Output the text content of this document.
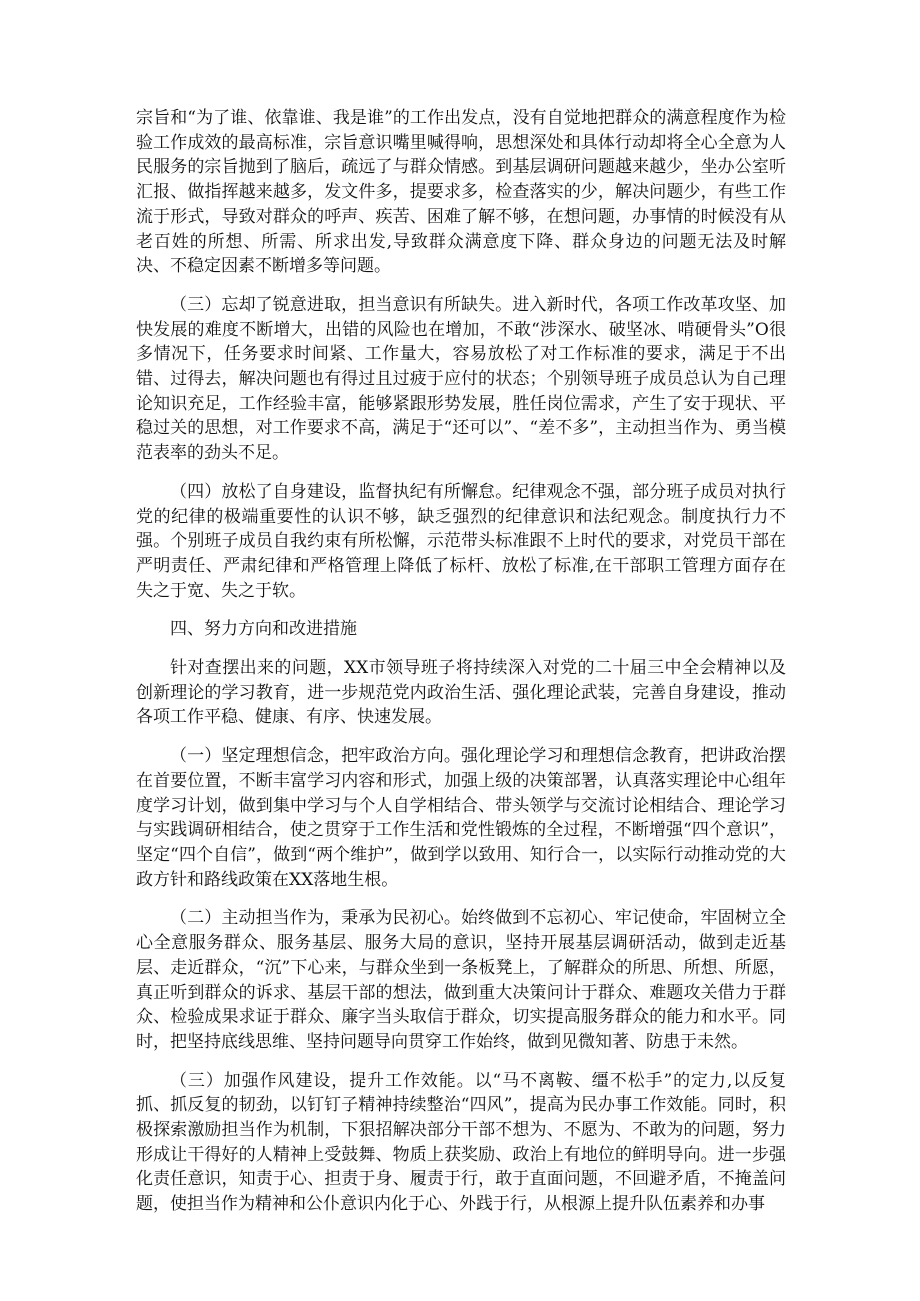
宗旨和“为了谁、依靠谁、我是谁”的工作出发点，没有自觉地把群众的满意程度作为检验工作成效的最高标准，宗旨意识嘴里喊得响，思想深处和具体行动却将全心全意为人民服务的宗旨抛到了脑后，疏远了与群众情感。到基层调研问题越来越少，坐办公室听汇报、做指挥越来越多，发文件多，提要求多，检查落实的少，解决问题少，有些工作流于形式，导致对群众的呼声、疾苦、困难了解不够，在想问题，办事情的时候没有从老百姓的所想、所需、所求出发,导致群众满意度下降、群众身边的问题无法及时解决、不稳定因素不断增多等问题。

（三）忘却了锐意进取，担当意识有所缺失。进入新时代，各项工作改革攻坚、加快发展的难度不断增大，出错的风险也在增加，不敢“涉深水、破坚冰、啃硬骨头”O很多情况下，任务要求时间紧、工作量大，容易放松了对工作标准的要求，满足于不出错、过得去，解决问题也有得过且过疲于应付的状态；个别领导班子成员总认为自己理论知识充足，工作经验丰富，能够紧跟形势发展，胜任岗位需求，产生了安于现状、平稳过关的思想，对工作要求不高，满足于“还可以”、“差不多”，主动担当作为、勇当模范表率的劲头不足。

（四）放松了自身建设，监督执纪有所懈怠。纪律观念不强，部分班子成员对执行党的纪律的极端重要性的认识不够，缺乏强烈的纪律意识和法纪观念。制度执行力不强。个别班子成员自我约束有所松懈，示范带头标准跟不上时代的要求，对党员干部在严明责任、严肃纪律和严格管理上降低了标杆、放松了标准,在干部职工管理方面存在失之于宽、失之于软。

四、努力方向和改进措施

针对查摆出来的问题，XX市领导班子将持续深入对党的二十届三中全会精神以及创新理论的学习教育，进一步规范党内政治生活、强化理论武装，完善自身建设，推动各项工作平稳、健康、有序、快速发展。

（一）坚定理想信念，把牢政治方向。强化理论学习和理想信念教育，把讲政治摆在首要位置，不断丰富学习内容和形式，加强上级的决策部署，认真落实理论中心组年度学习计划，做到集中学习与个人自学相结合、带头领学与交流讨论相结合、理论学习与实践调研相结合，使之贯穿于工作生活和党性锻炼的全过程，不断增强“四个意识”，坚定“四个自信”，做到“两个维护”，做到学以致用、知行合一，以实际行动推动党的大政方针和路线政策在XX落地生根。

（二）主动担当作为，秉承为民初心。始终做到不忘初心、牢记使命，牢固树立全心全意服务群众、服务基层、服务大局的意识，坚持开展基层调研活动，做到走近基层、走近群众，“沉”下心来，与群众坐到一条板凳上，了解群众的所思、所想、所愿，真正听到群众的诉求、基层干部的想法，做到重大决策问计于群众、难题攻关借力于群众、检验成果求证于群众、廉字当头取信于群众，切实提高服务群众的能力和水平。同时，把坚持底线思维、坚持问题导向贯穿工作始终，做到见微知著、防患于未然。

（三）加强作风建设，提升工作效能。以“马不离鞍、缰不松手”的定力,以反复抓、抓反复的韧劲，以钉钉子精神持续整治“四风”，提高为民办事工作效能。同时，积极探索激励担当作为机制，下狠招解决部分干部不想为、不愿为、不敢为的问题，努力形成让干得好的人精神上受鼓舞、物质上获奖励、政治上有地位的鲜明导向。进一步强化责任意识，知责于心、担责于身、履责于行，敢于直面问题，不回避矛盾，不掩盖问题，使担当作为精神和公仆意识内化于心、外践于行，从根源上提升队伍素养和办事
